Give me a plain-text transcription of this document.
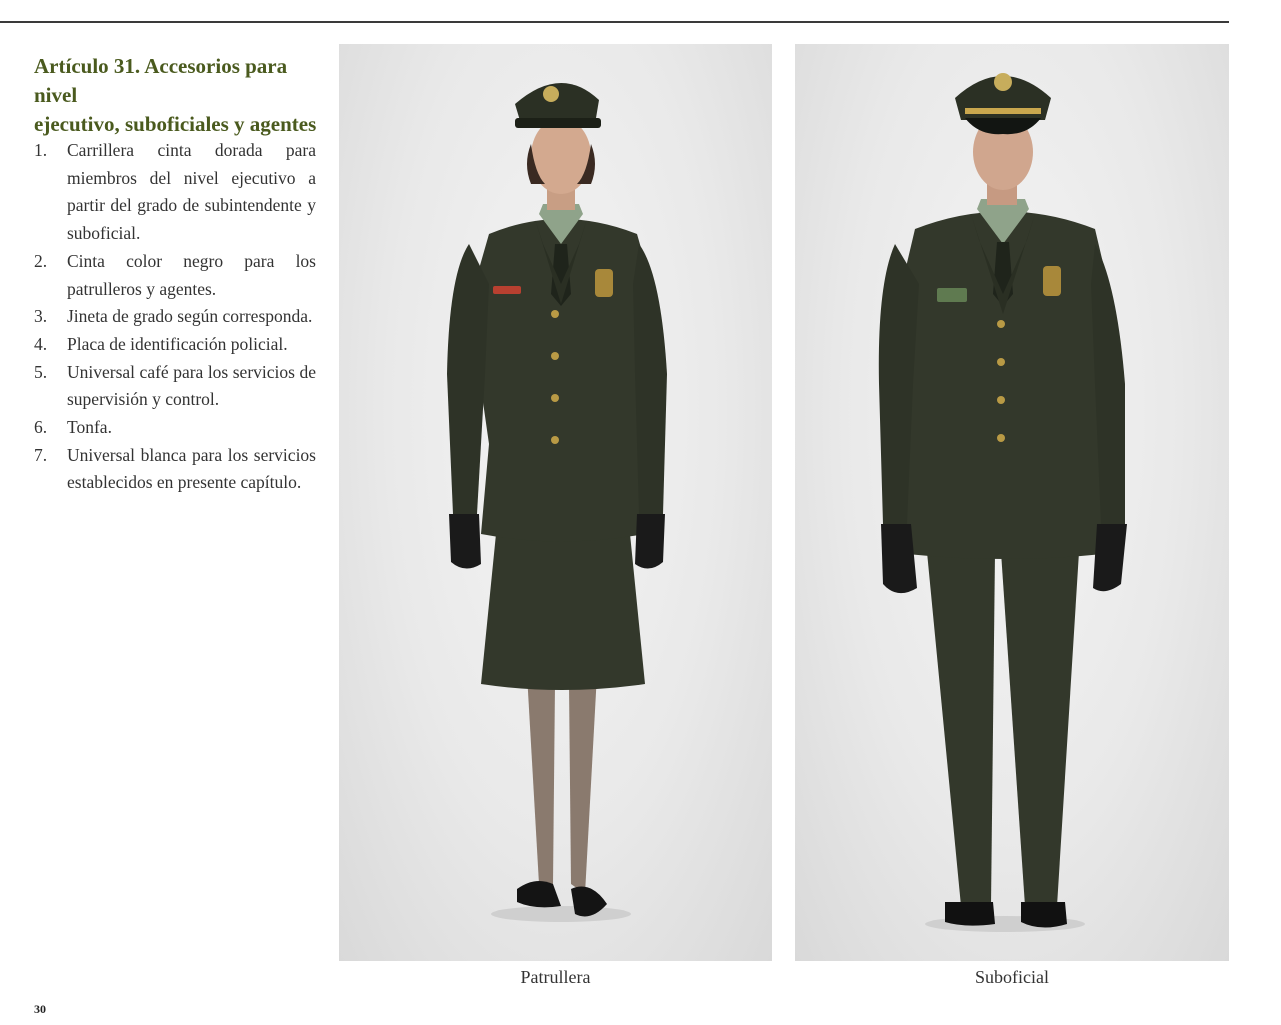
Artículo 31. Accesorios para nivel
ejecutivo, suboficiales y agentes
1. Carrillera cinta dorada para miembros del nivel ejecutivo a partir del grado de subintendente y suboficial.
2. Cinta color negro para los patrulleros y agentes.
3. Jineta de grado según corresponda.
4. Placa de identificación policial.
5. Universal café para los servicios de supervisión y control.
6. Tonfa.
7. Universal blanca para los servicios establecidos en presente capítulo.
Patrullera	Suboficial
30
